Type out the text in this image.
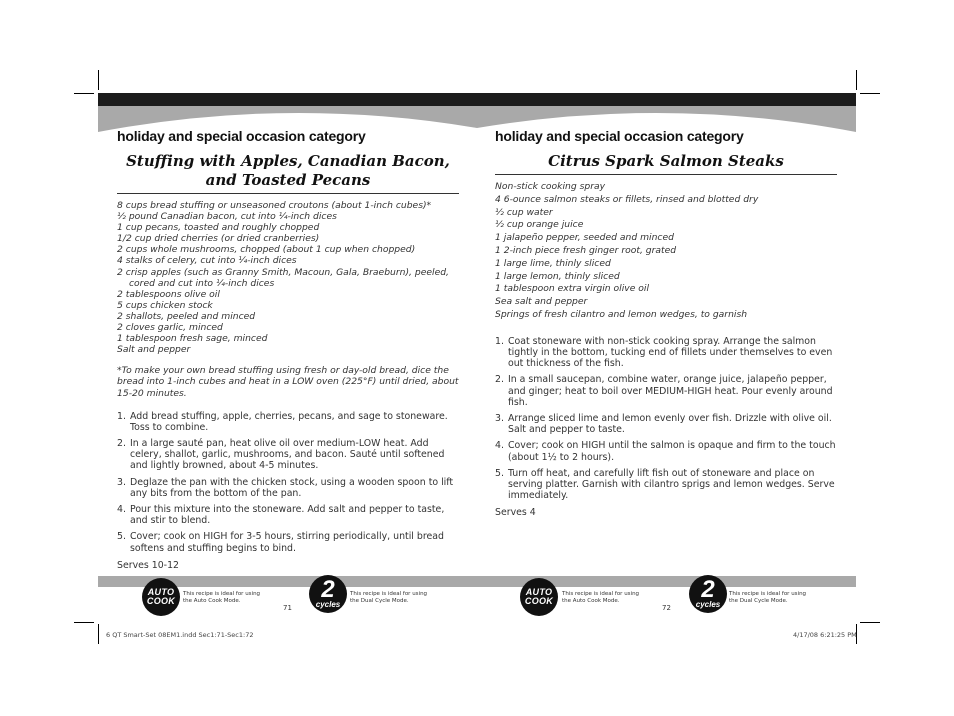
holiday and special occasion category
Stuffing with Apples, Canadian Bacon, and Toasted Pecans
8 cups bread stuffing or unseasoned croutons (about 1-inch cubes)*
½ pound Canadian bacon, cut into ¼-inch dices
1 cup pecans, toasted and roughly chopped
1/2 cup dried cherries (or dried cranberries)
2 cups whole mushrooms, chopped (about 1 cup when chopped)
4 stalks of celery, cut into ¼-inch dices
2 crisp apples (such as Granny Smith, Macoun, Gala, Braeburn), peeled, cored and cut into ¼-inch dices
2 tablespoons olive oil
5 cups chicken stock
2 shallots, peeled and minced
2 cloves garlic, minced
1 tablespoon fresh sage, minced
Salt and pepper

*To make your own bread stuffing using fresh or day-old bread, dice the bread into 1-inch cubes and heat in a LOW oven (225°F) until dried, about 15-20 minutes.

1. Add bread stuffing, apple, cherries, pecans, and sage to stoneware. Toss to combine.
2. In a large sauté pan, heat olive oil over medium-LOW heat. Add celery, shallot, garlic, mushrooms, and bacon. Sauté until softened and lightly browned, about 4-5 minutes.
3. Deglaze the pan with the chicken stock, using a wooden spoon to lift any bits from the bottom of the pan.
4. Pour this mixture into the stoneware. Add salt and pepper to taste, and stir to blend.
5. Cover; cook on HIGH for 3-5 hours, stirring periodically, until bread softens and stuffing begins to bind.
Serves 10-12
holiday and special occasion category
Citrus Spark Salmon Steaks
Non-stick cooking spray
4 6-ounce salmon steaks or fillets, rinsed and blotted dry
½ cup water
½ cup orange juice
1 jalapeño pepper, seeded and minced
1 2-inch piece fresh ginger root, grated
1 large lime, thinly sliced
1 large lemon, thinly sliced
1 tablespoon extra virgin olive oil
Sea salt and pepper
Springs of fresh cilantro and lemon wedges, to garnish
1. Coat stoneware with non-stick cooking spray. Arrange the salmon tightly in the bottom, tucking end of fillets under themselves to even out thickness of the fish.
2. In a small saucepan, combine water, orange juice, jalapeño pepper, and ginger; heat to boil over MEDIUM-HIGH heat. Pour evenly around fish.
3. Arrange sliced lime and lemon evenly over fish. Drizzle with olive oil. Salt and pepper to taste.
4. Cover; cook on HIGH until the salmon is opaque and firm to the touch (about 1½ to 2 hours).
5. Turn off heat, and carefully lift fish out of stoneware and place on serving platter. Garnish with cilantro sprigs and lemon wedges. Serve immediately.
Serves 4
AUTO
COOK
This recipe is ideal for using the Auto Cook Mode.
71
2
cycles
This recipe is ideal for using the Dual Cycle Mode.
AUTO
COOK
This recipe is ideal for using the Auto Cook Mode.
72
2
cycles
This recipe is ideal for using the Dual Cycle Mode.
6 QT Smart-Set 08EM1.indd Sec1:71-Sec1:72	4/17/08 6:21:25 PM
